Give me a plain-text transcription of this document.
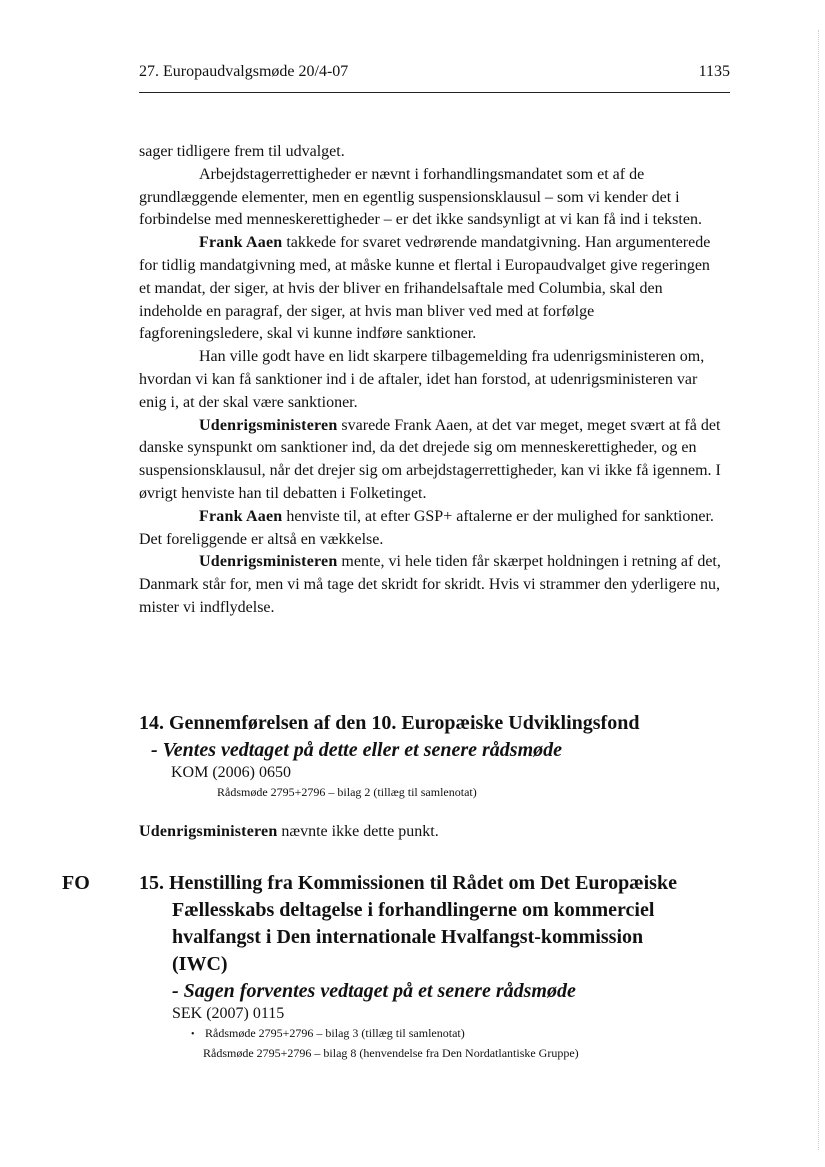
27. Europaudvalgsmøde 20/4-07	1135

sager tidligere frem til udvalget.

Arbejdstagerrettigheder er nævnt i forhandlingsmandatet som et af de grundlæggende elementer, men en egentlig suspensionsklausul – som vi kender det i forbindelse med menneskerettigheder – er det ikke sandsynligt at vi kan få ind i teksten.

Frank Aaen takkede for svaret vedrørende mandatgivning. Han argumenterede for tidlig mandatgivning med, at måske kunne et flertal i Europaudvalget give regeringen et mandat, der siger, at hvis der bliver en frihandelsaftale med Columbia, skal den indeholde en paragraf, der siger, at hvis man bliver ved med at forfølge fagforeningsledere, skal vi kunne indføre sanktioner.

Han ville godt have en lidt skarpere tilbagemelding fra udenrigsministeren om, hvordan vi kan få sanktioner ind i de aftaler, idet han forstod, at udenrigsministeren var enig i, at der skal være sanktioner.

Udenrigsministeren svarede Frank Aaen, at det var meget, meget svært at få det danske synspunkt om sanktioner ind, da det drejede sig om menneskerettigheder, og en suspensionsklausul, når det drejer sig om arbejdstagerrettigheder, kan vi ikke få igennem. I øvrigt henviste han til debatten i Folketinget.

Frank Aaen henviste til, at efter GSP+ aftalerne er der mulighed for sanktioner. Det foreliggende er altså en vækkelse.

Udenrigsministeren mente, vi hele tiden får skærpet holdningen i retning af det, Danmark står for, men vi må tage det skridt for skridt. Hvis vi strammer den yderligere nu, mister vi indflydelse.

14. Gennemførelsen af den 10. Europæiske Udviklingsfond

- Ventes vedtaget på dette eller et senere rådsmøde

KOM (2006) 0650

Rådsmøde 2795+2796 – bilag 2 (tillæg til samlenotat)

Udenrigsministeren nævnte ikke dette punkt.
FO 15. Henstilling fra Kommissionen til Rådet om Det Europæiske
Fællesskabs deltagelse i forhandlingerne om kommerciel
hvalfangst i Den internationale Hvalfangst-kommission
(IWC)

- Sagen forventes vedtaget på et senere rådsmøde

SEK (2007) 0115

• Rådsmøde 2795+2796 – bilag 3 (tillæg til samlenotat)

Rådsmøde 2795+2796 – bilag 8 (henvendelse fra Den Nordatlantiske Gruppe)
